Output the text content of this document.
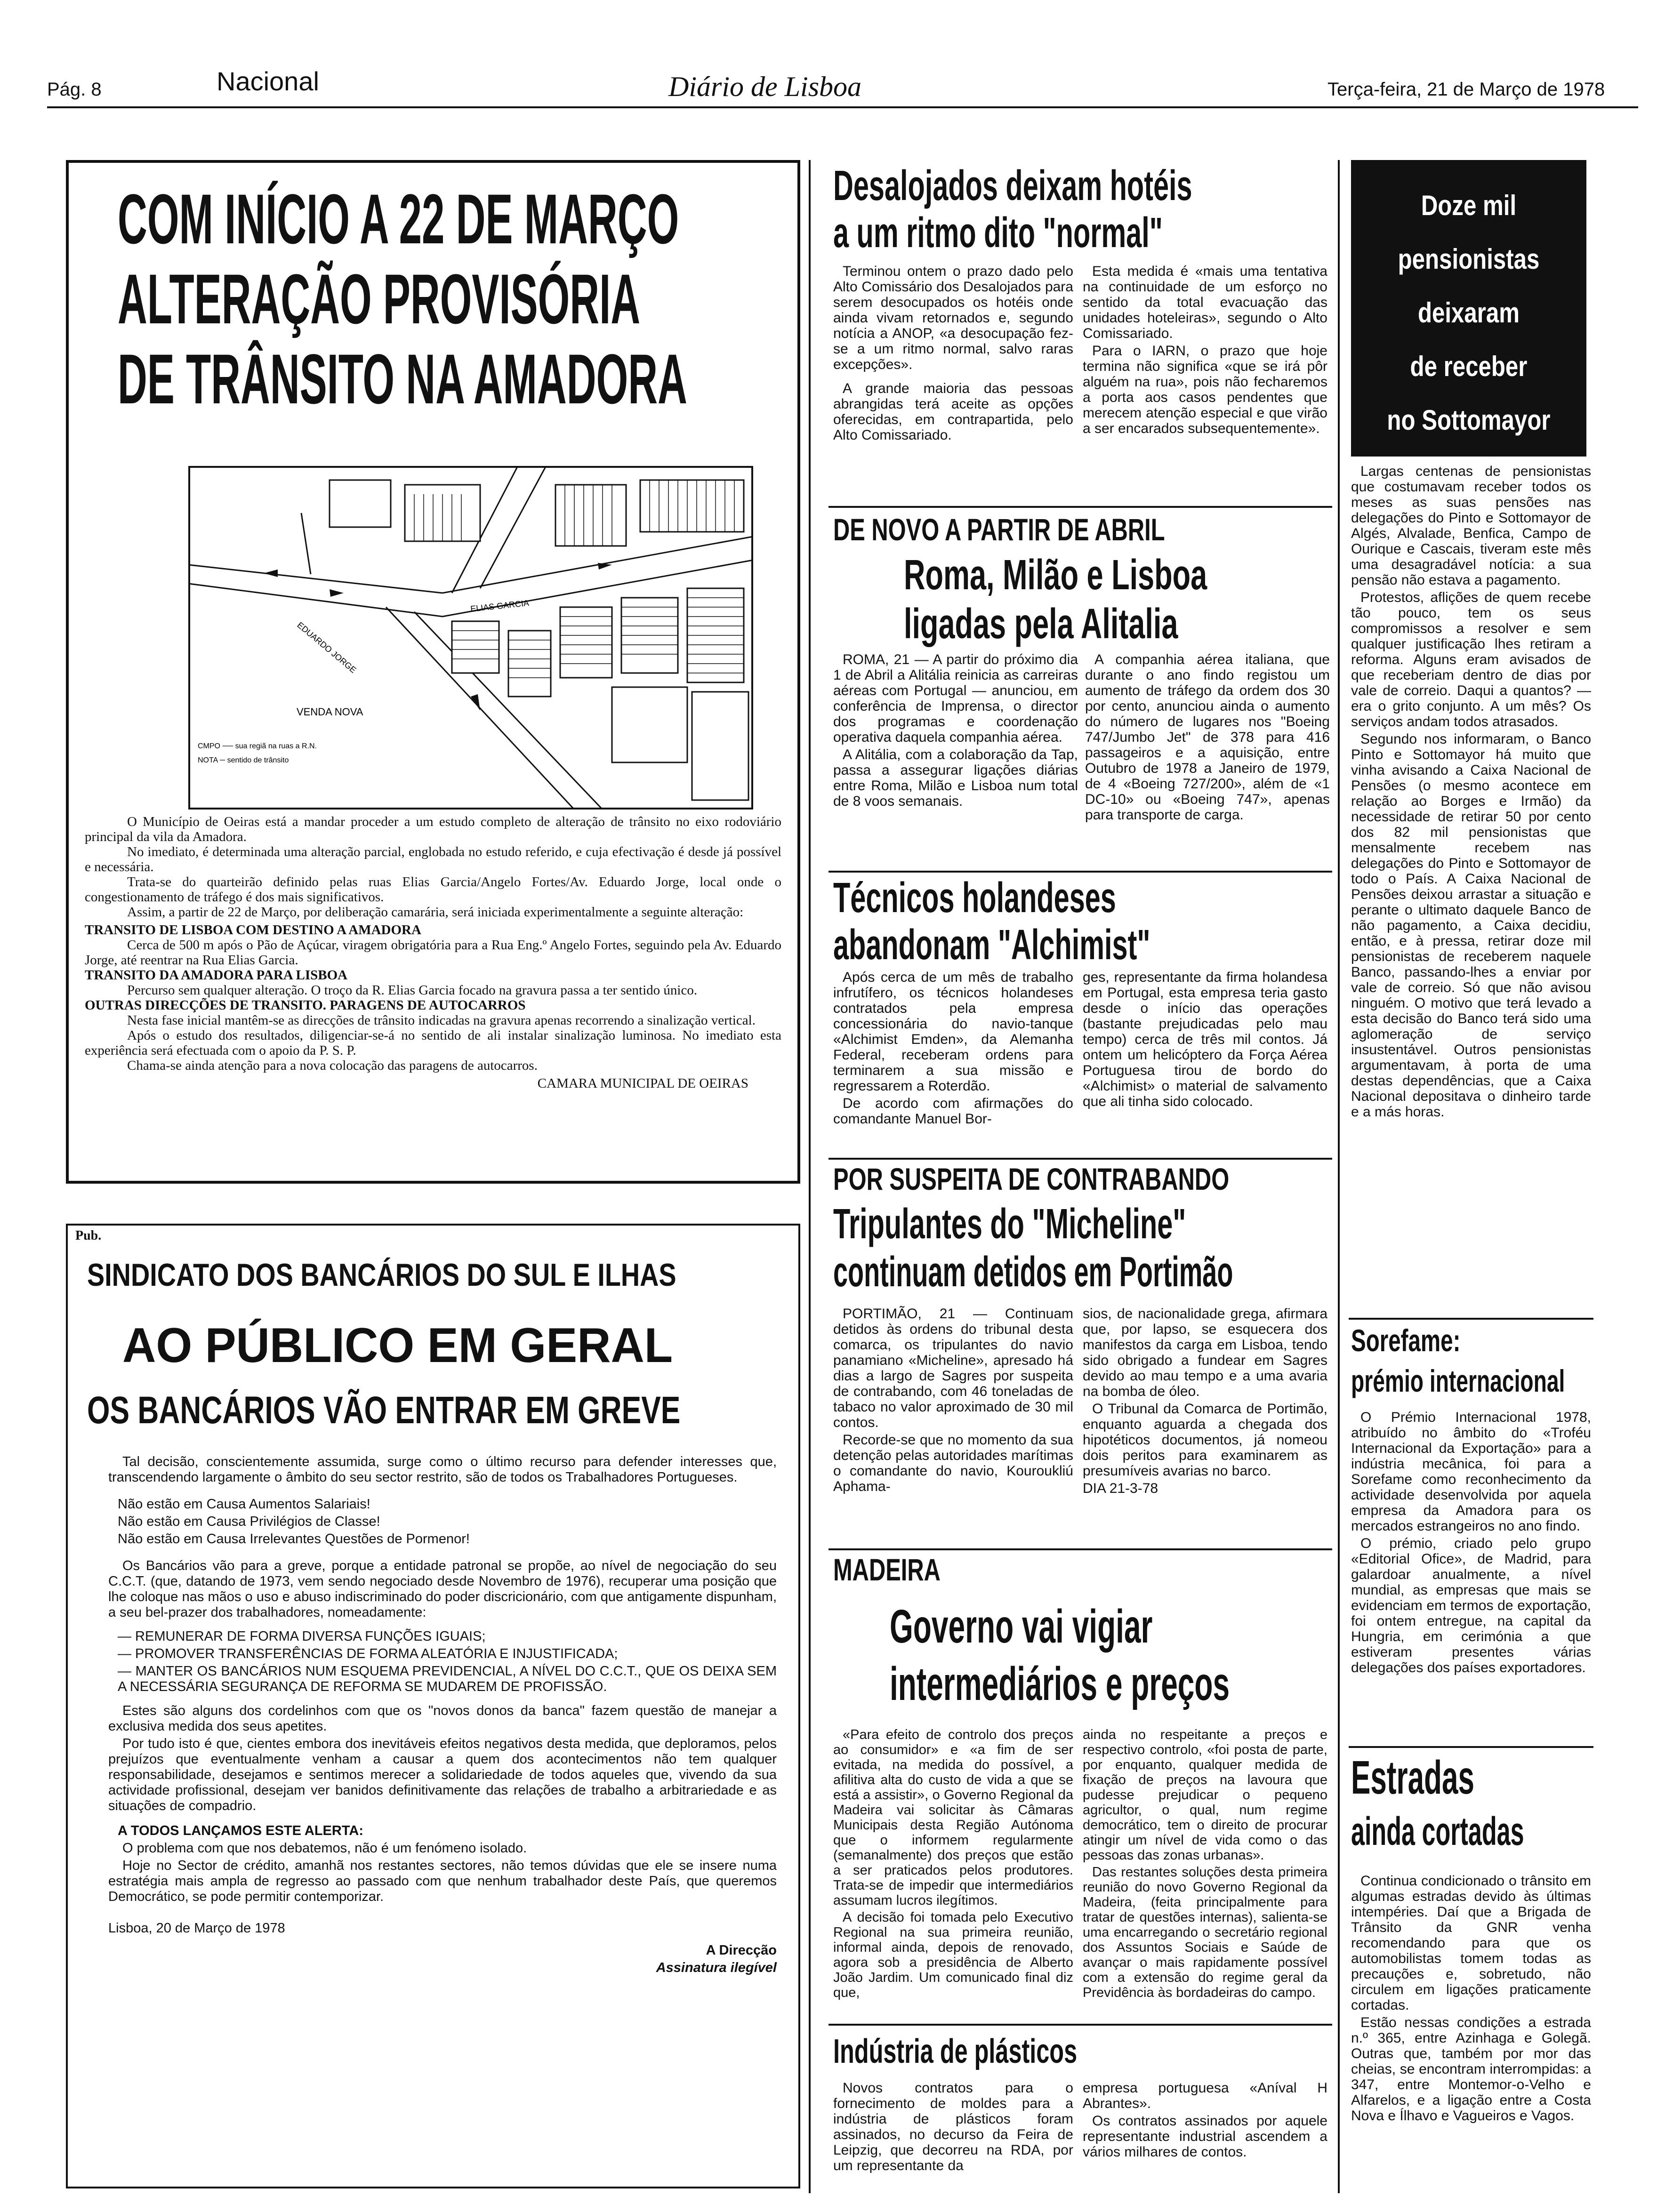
Pág. 8	Nacional	Diário de Lisboa	Terça-feira, 21 de Março de 1978
COM INÍCIO A 22 DE MARÇO
ALTERAÇÃO PROVISÓRIA
DE TRÂNSITO NA AMADORA
ELIAS GARCIA
EDUARDO JORGE
VENDA NOVA
CMPO ── sua regiã na ruas a R.N.
NOTA ─ sentido de trânsito

O Município de Oeiras está a mandar proceder a um estudo completo de alteração de trânsito no eixo rodoviário principal da vila da Amadora.

No imediato, é determinada uma alteração parcial, englobada no estudo referido, e cuja efectivação é desde já possível e necessária.

Trata-se do quarteirão definido pelas ruas Elias Garcia/Angelo Fortes/Av. Eduardo Jorge, local onde o congestionamento de tráfego é dos mais significativos.

Assim, a partir de 22 de Março, por deliberação camarária, será iniciada experimentalmente a seguinte alteração:

TRANSITO DE LISBOA COM DESTINO A AMADORA

Cerca de 500 m após o Pão de Açúcar, viragem obrigatória para a Rua Eng.º Angelo Fortes, seguindo pela Av. Eduardo Jorge, até reentrar na Rua Elias Garcia.

TRANSITO DA AMADORA PARA LISBOA

Percurso sem qualquer alteração. O troço da R. Elias Garcia focado na gravura passa a ter sentido único.

OUTRAS DIRECÇÕES DE TRANSITO. PARAGENS DE AUTOCARROS

Nesta fase inicial mantêm-se as direcções de trânsito indicadas na gravura apenas recorrendo a sinalização vertical.

Após o estudo dos resultados, diligenciar-se-á no sentido de ali instalar sinalização luminosa. No imediato esta experiência será efectuada com o apoio da P. S. P.

Chama-se ainda atenção para a nova colocação das paragens de autocarros.

CAMARA MUNICIPAL DE OEIRAS

Pub.
SINDICATO DOS BANCÁRIOS DO SUL E ILHAS
AO PÚBLICO EM GERAL
OS BANCÁRIOS VÃO ENTRAR EM GREVE

Tal decisão, conscientemente assumida, surge como o último recurso para defender interesses que, transcendendo largamente o âmbito do seu sector restrito, são de todos os Trabalhadores Portugueses.

Não estão em Causa Aumentos Salariais!

Não estão em Causa Privilégios de Classe!

Não estão em Causa Irrelevantes Questões de Pormenor!

Os Bancários vão para a greve, porque a entidade patronal se propõe, ao nível de negociação do seu C.C.T. (que, datando de 1973, vem sendo negociado desde Novembro de 1976), recuperar uma posição que lhe coloque nas mãos o uso e abuso indiscriminado do poder discricionário, com que antigamente dispunham, a seu bel-prazer dos trabalhadores, nomeadamente:

— REMUNERAR DE FORMA DIVERSA FUNÇÕES IGUAIS;

— PROMOVER TRANSFERÊNCIAS DE FORMA ALEATÓRIA E INJUSTIFICADA;

— MANTER OS BANCÁRIOS NUM ESQUEMA PREVIDENCIAL, A NÍVEL DO C.C.T., QUE OS DEIXA SEM A NECESSÁRIA SEGURANÇA DE REFORMA SE MUDAREM DE PROFISSÃO.

Estes são alguns dos cordelinhos com que os "novos donos da banca" fazem questão de manejar a exclusiva medida dos seus apetites.

Por tudo isto é que, cientes embora dos inevitáveis efeitos negativos desta medida, que deploramos, pelos prejuízos que eventualmente venham a causar a quem dos acontecimentos não tem qualquer responsabilidade, desejamos e sentimos merecer a solidariedade de todos aqueles que, vivendo da sua actividade profissional, desejam ver banidos definitivamente das relações de trabalho a arbitrariedade e as situações de compadrio.

A TODOS LANÇAMOS ESTE ALERTA:

O problema com que nos debatemos, não é um fenómeno isolado.

Hoje no Sector de crédito, amanhã nos restantes sectores, não temos dúvidas que ele se insere numa estratégia mais ampla de regresso ao passado com que nenhum trabalhador deste País, que queremos Democrático, se pode permitir contemporizar.

Lisboa, 20 de Março de 1978

A Direcção

Assinatura ilegível

Desalojados deixam hotéis
a um ritmo dito "normal"

Terminou ontem o prazo dado pelo Alto Comissário dos Desalojados para serem desocupados os hotéis onde ainda vivam retornados e, segundo notícia a ANOP, «a desocupação fez-se a um ritmo normal, salvo raras excepções».

A grande maioria das pessoas abrangidas terá aceite as opções oferecidas, em contrapartida, pelo Alto Comissariado.

Esta medida é «mais uma tentativa na continuidade de um esforço no sentido da total evacuação das unidades hoteleiras», segundo o Alto Comissariado.

Para o IARN, o prazo que hoje termina não significa «que se irá pôr alguém na rua», pois não fecharemos a porta aos casos pendentes que merecem atenção especial e que virão a ser encarados subsequentemente».

DE NOVO A PARTIR DE ABRIL
Roma, Milão e Lisboa
ligadas pela Alitalia

ROMA, 21 — A partir do próximo dia 1 de Abril a Alitália reinicia as carreiras aéreas com Portugal — anunciou, em conferência de Imprensa, o director dos programas e coordenação operativa daquela companhia aérea.

A Alitália, com a colaboração da Tap, passa a assegurar ligações diárias entre Roma, Milão e Lisboa num total de 8 voos semanais.

A companhia aérea italiana, que durante o ano findo registou um aumento de tráfego da ordem dos 30 por cento, anunciou ainda o aumento do número de lugares nos "Boeing 747/Jumbo Jet" de 378 para 416 passageiros e a aquisição, entre Outubro de 1978 a Janeiro de 1979, de 4 «Boeing 727/200», além de «1 DC-10» ou «Boeing 747», apenas para transporte de carga.

Técnicos holandeses
abandonam "Alchimist"

Após cerca de um mês de trabalho infrutífero, os técnicos holandeses contratados pela empresa concessionária do navio-tanque «Alchimist Emden», da Alemanha Federal, receberam ordens para terminarem a sua missão e regressarem a Roterdão.

De acordo com afirmações do comandante Manuel Bor-

ges, representante da firma holandesa em Portugal, esta empresa teria gasto desde o início das operações (bastante prejudicadas pelo mau tempo) cerca de três mil contos. Já ontem um helicóptero da Força Aérea Portuguesa tirou de bordo do «Alchimist» o material de salvamento que ali tinha sido colocado.

POR SUSPEITA DE CONTRABANDO
Tripulantes do "Micheline"
continuam detidos em Portimão

PORTIMÃO, 21 — Continuam detidos às ordens do tribunal desta comarca, os tripulantes do navio panamiano «Micheline», apresado há dias a largo de Sagres por suspeita de contrabando, com 46 toneladas de tabaco no valor aproximado de 30 mil contos.

Recorde-se que no momento da sua detenção pelas autoridades marítimas o comandante do navio, Kouroukliú Aphama-

sios, de nacionalidade grega, afirmara que, por lapso, se esquecera dos manifestos da carga em Lisboa, tendo sido obrigado a fundear em Sagres devido ao mau tempo e a uma avaria na bomba de óleo.

O Tribunal da Comarca de Portimão, enquanto aguarda a chegada dos hipotéticos documentos, já nomeou dois peritos para examinarem as presumíveis avarias no barco.

DIA 21-3-78

MADEIRA
Governo vai vigiar
intermediários e preços

«Para efeito de controlo dos preços ao consumidor» e «a fim de ser evitada, na medida do possível, a afilitiva alta do custo de vida a que se está a assistir», o Governo Regional da Madeira vai solicitar às Câmaras Municipais desta Região Autónoma que o informem regularmente (semanalmente) dos preços que estão a ser praticados pelos produtores. Trata-se de impedir que intermediários assumam lucros ilegítimos.

A decisão foi tomada pelo Executivo Regional na sua primeira reunião, informal ainda, depois de renovado, agora sob a presidência de Alberto João Jardim. Um comunicado final diz que,

ainda no respeitante a preços e respectivo controlo, «foi posta de parte, por enquanto, qualquer medida de fixação de preços na lavoura que pudesse prejudicar o pequeno agricultor, o qual, num regime democrático, tem o direito de procurar atingir um nível de vida como o das pessoas das zonas urbanas».

Das restantes soluções desta primeira reunião do novo Governo Regional da Madeira, (feita principalmente para tratar de questões internas), salienta-se uma encarregando o secretário regional dos Assuntos Sociais e Saúde de avançar o mais rapidamente possível com a extensão do regime geral da Previdência às bordadeiras do campo.

Indústria de plásticos

Novos contratos para o fornecimento de moldes para a indústria de plásticos foram assinados, no decurso da Feira de Leipzig, que decorreu na RDA, por um representante da

empresa portuguesa «Aníval H Abrantes».

Os contratos assinados por aquele representante industrial ascendem a vários milhares de contos.

Doze mil
pensionistas
deixaram
de receber
no Sottomayor

Largas centenas de pensionistas que costumavam receber todos os meses as suas pensões nas delegações do Pinto e Sottomayor de Algés, Alvalade, Benfica, Campo de Ourique e Cascais, tiveram este mês uma desagradável notícia: a sua pensão não estava a pagamento.

Protestos, aflições de quem recebe tão pouco, tem os seus compromissos a resolver e sem qualquer justificação lhes retiram a reforma. Alguns eram avisados de que receberiam dentro de dias por vale de correio. Daqui a quantos? — era o grito conjunto. A um mês? Os serviços andam todos atrasados.

Segundo nos informaram, o Banco Pinto e Sottomayor há muito que vinha avisando a Caixa Nacional de Pensões (o mesmo acontece em relação ao Borges e Irmão) da necessidade de retirar 50 por cento dos 82 mil pensionistas que mensalmente recebem nas delegações do Pinto e Sottomayor de todo o País. A Caixa Nacional de Pensões deixou arrastar a situação e perante o ultimato daquele Banco de não pagamento, a Caixa decidiu, então, e à pressa, retirar doze mil pensionistas de receberem naquele Banco, passando-lhes a enviar por vale de correio. Só que não avisou ninguém. O motivo que terá levado a esta decisão do Banco terá sido uma aglomeração de serviço insustentável. Outros pensionistas argumentavam, à porta de uma destas dependências, que a Caixa Nacional depositava o dinheiro tarde e a más horas.

Sorefame:
prémio internacional

O Prémio Internacional 1978, atribuído no âmbito do «Troféu Internacional da Exportação» para a indústria mecânica, foi para a Sorefame como reconhecimento da actividade desenvolvida por aquela empresa da Amadora para os mercados estrangeiros no ano findo.

O prémio, criado pelo grupo «Editorial Ofice», de Madrid, para galardoar anualmente, a nível mundial, as empresas que mais se evidenciam em termos de exportação, foi ontem entregue, na capital da Hungria, em cerimónia a que estiveram presentes várias delegações dos países exportadores.

Estradas
ainda cortadas

Continua condicionado o trânsito em algumas estradas devido às últimas intempéries. Daí que a Brigada de Trânsito da GNR venha recomendando para que os automobilistas tomem todas as precauções e, sobretudo, não circulem em ligações praticamente cortadas.

Estão nessas condições a estrada n.º 365, entre Azinhaga e Golegã. Outras que, também por mor das cheias, se encontram interrompidas: a 347, entre Montemor-o-Velho e Alfarelos, e a ligação entre a Costa Nova e Ílhavo e Vagueiros e Vagos.
